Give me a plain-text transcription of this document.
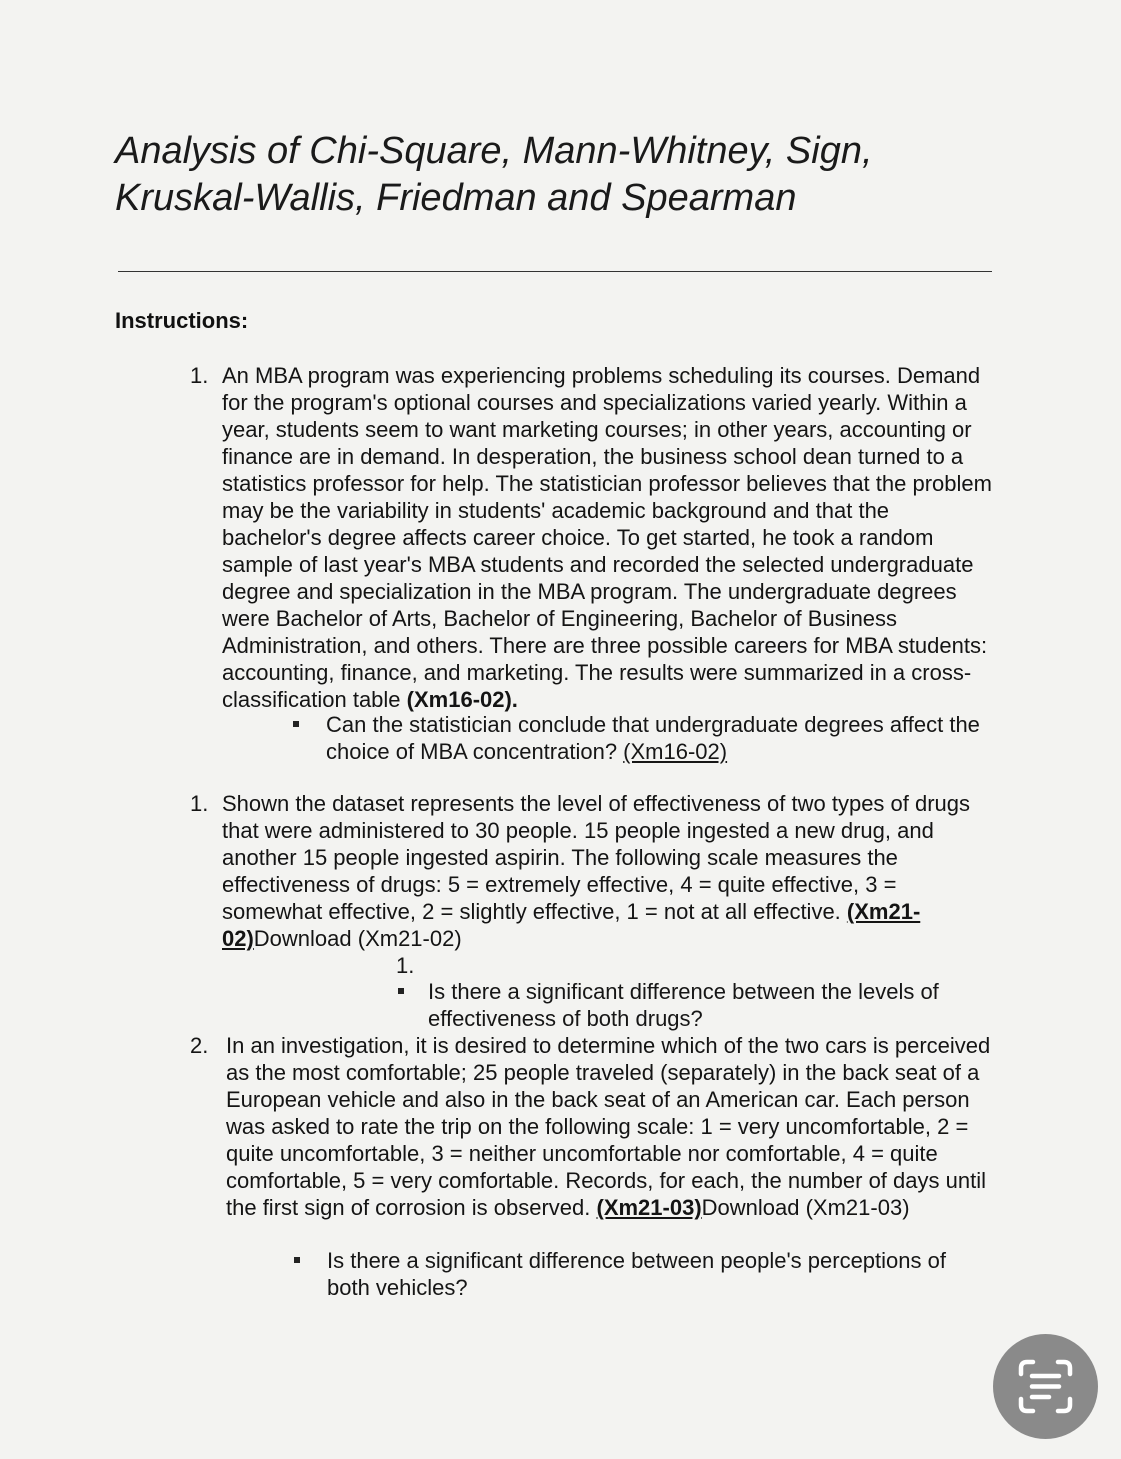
Analysis of Chi-Square, Mann-Whitney, Sign,
Kruskal-Wallis, Friedman and Spearman
Instructions:
1. An MBA program was experiencing problems scheduling its courses. Demand for the program's optional courses and specializations varied yearly. Within a year, students seem to want marketing courses; in other years, accounting or finance are in demand. In desperation, the business school dean turned to a statistics professor for help. The statistician professor believes that the problem may be the variability in students' academic background and that the bachelor's degree affects career choice. To get started, he took a random sample of last year's MBA students and recorded the selected undergraduate degree and specialization in the MBA program. The undergraduate degrees were Bachelor of Arts, Bachelor of Engineering, Bachelor of Business Administration, and others. There are three possible careers for MBA students: accounting, finance, and marketing. The results were summarized in a cross-classification table (Xm16-02).
Can the statistician conclude that undergraduate degrees affect the choice of MBA concentration? (Xm16-02)
1. Shown the dataset represents the level of effectiveness of two types of drugs that were administered to 30 people. 15 people ingested a new drug, and another 15 people ingested aspirin. The following scale measures the effectiveness of drugs: 5 = extremely effective, 4 = quite effective, 3 = somewhat effective, 2 = slightly effective, 1 = not at all effective. (Xm21-02)Download (Xm21-02)
1.
Is there a significant difference between the levels of effectiveness of both drugs?
2. In an investigation, it is desired to determine which of the two cars is perceived as the most comfortable; 25 people traveled (separately) in the back seat of a European vehicle and also in the back seat of an American car. Each person was asked to rate the trip on the following scale: 1 = very uncomfortable, 2 = quite uncomfortable, 3 = neither uncomfortable nor comfortable, 4 = quite comfortable, 5 = very comfortable. Records, for each, the number of days until the first sign of corrosion is observed. (Xm21-03)Download (Xm21-03)
Is there a significant difference between people's perceptions of both vehicles?
